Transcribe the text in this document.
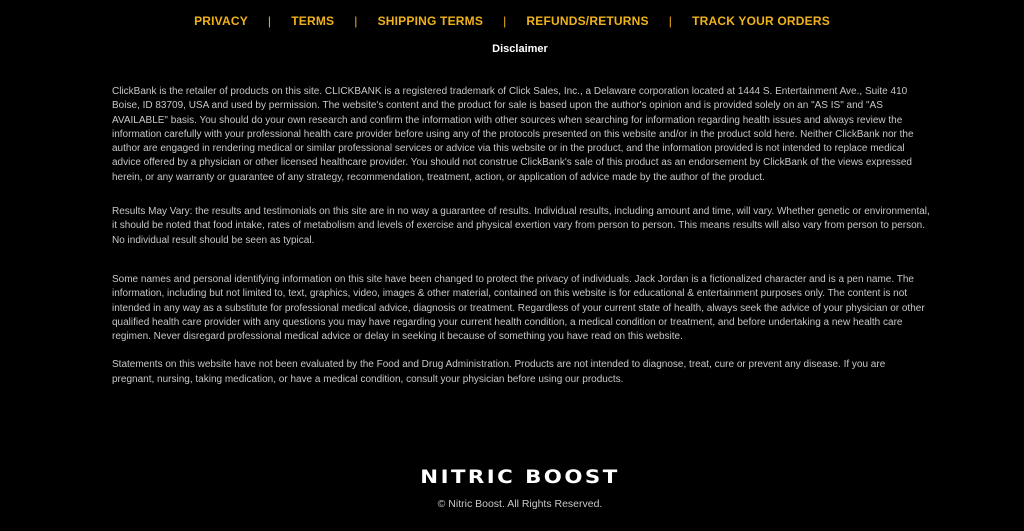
PRIVACY | TERMS | SHIPPING TERMS | REFUNDS/RETURNS | TRACK YOUR ORDERS
Disclaimer

ClickBank is the retailer of products on this site. CLICKBANK is a registered trademark of Click Sales, Inc., a Delaware corporation located at 1444 S. Entertainment Ave., Suite 410 Boise, ID 83709, USA and used by permission. The website's content and the product for sale is based upon the author's opinion and is provided solely on an "AS IS" and "AS AVAILABLE" basis. You should do your own research and confirm the information with other sources when searching for information regarding health issues and always review the information carefully with your professional health care provider before using any of the protocols presented on this website and/or in the product sold here. Neither ClickBank nor the author are engaged in rendering medical or similar professional services or advice via this website or in the product, and the information provided is not intended to replace medical advice offered by a physician or other licensed healthcare provider. You should not construe ClickBank's sale of this product as an endorsement by ClickBank of the views expressed herein, or any warranty or guarantee of any strategy, recommendation, treatment, action, or application of advice made by the author of the product.

Results May Vary: the results and testimonials on this site are in no way a guarantee of results. Individual results, including amount and time, will vary. Whether genetic or environmental, it should be noted that food intake, rates of metabolism and levels of exercise and physical exertion vary from person to person. This means results will also vary from person to person. No individual result should be seen as typical.

Some names and personal identifying information on this site have been changed to protect the privacy of individuals. Jack Jordan is a fictionalized character and is a pen name. The information, including but not limited to, text, graphics, video, images & other material, contained on this website is for educational & entertainment purposes only. The content is not intended in any way as a substitute for professional medical advice, diagnosis or treatment. Regardless of your current state of health, always seek the advice of your physician or other qualified health care provider with any questions you may have regarding your current health condition, a medical condition or treatment, and before undertaking a new health care regimen. Never disregard professional medical advice or delay in seeking it because of something you have read on this website.

Statements on this website have not been evaluated by the Food and Drug Administration. Products are not intended to diagnose, treat, cure or prevent any disease. If you are pregnant, nursing, taking medication, or have a medical condition, consult your physician before using our products.

NITRIC BOOST
© Nitric Boost. All Rights Reserved.
